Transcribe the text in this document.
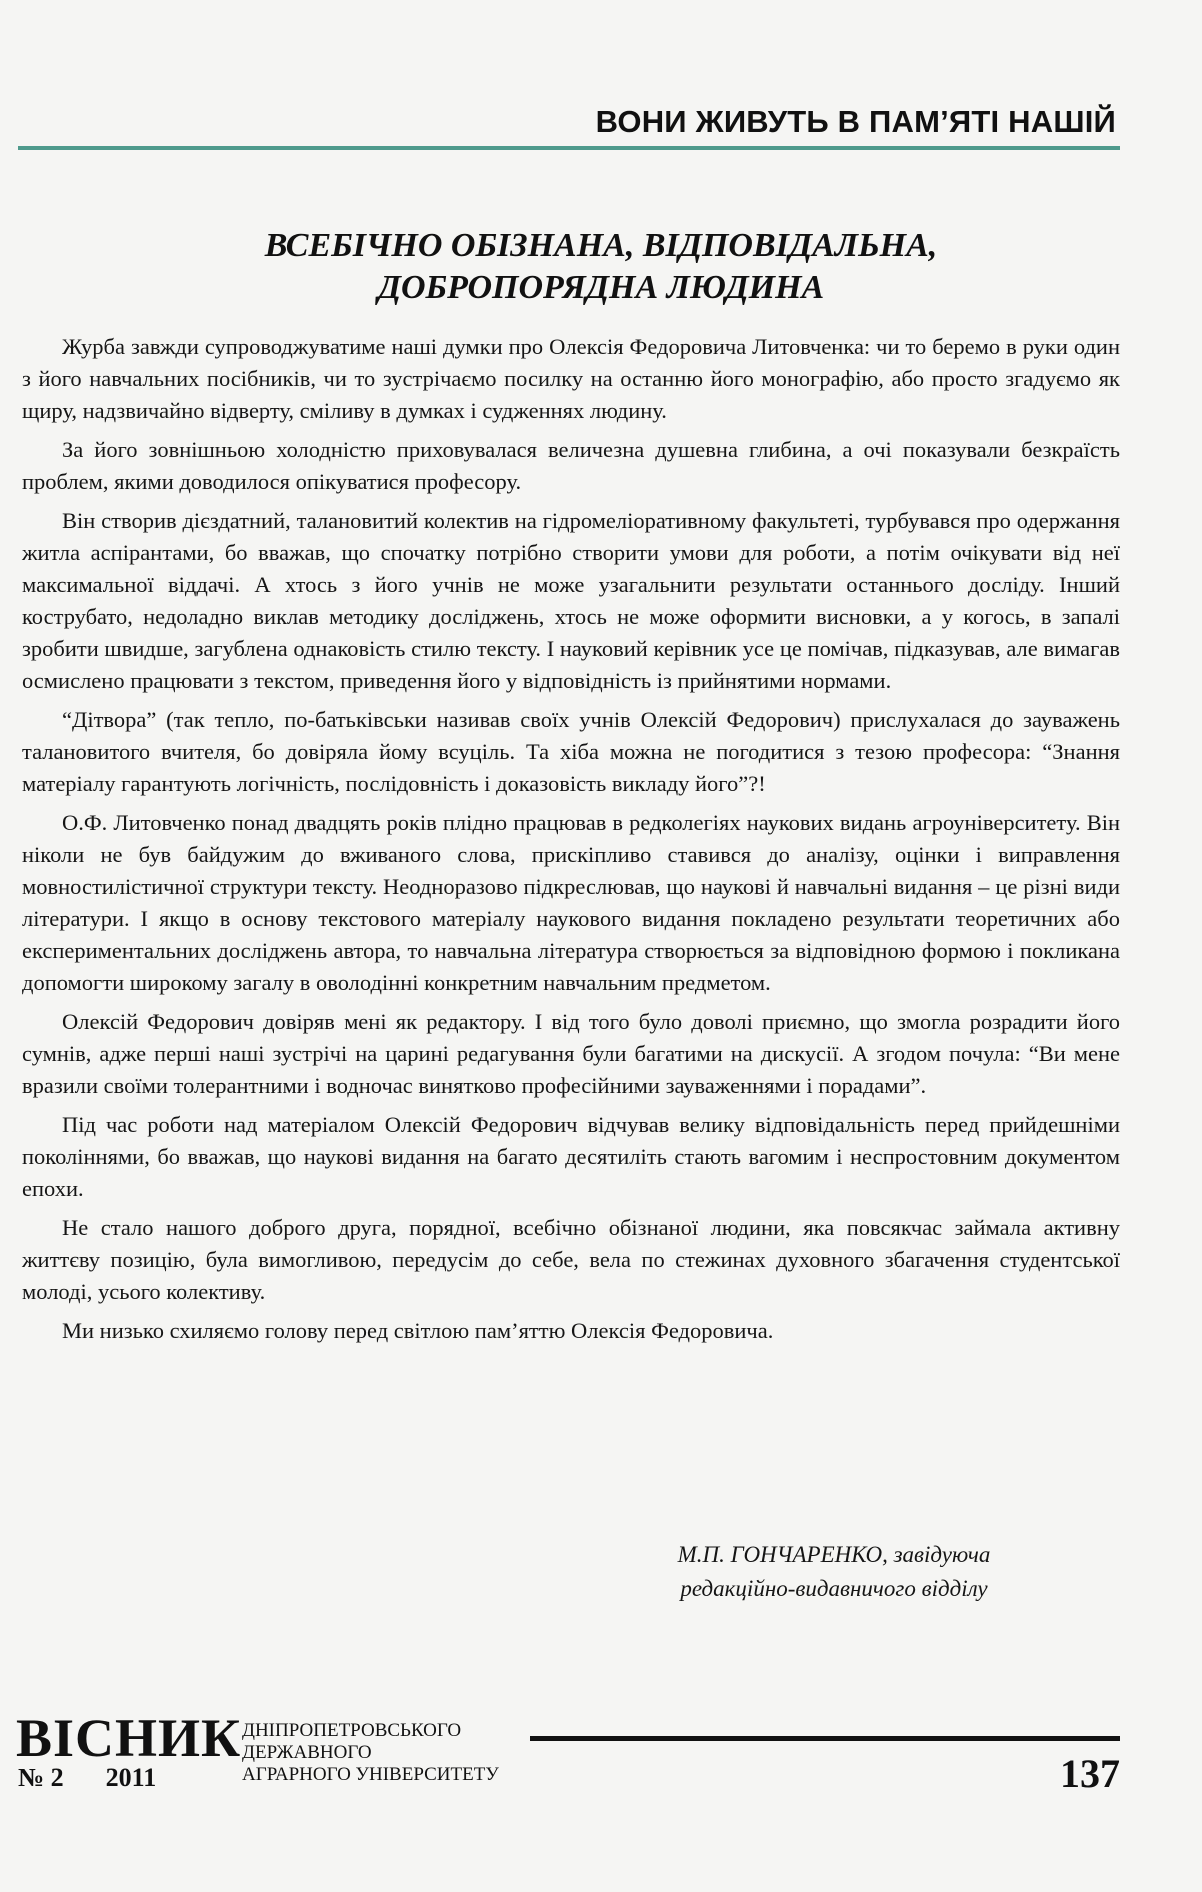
ВОНИ ЖИВУТЬ В ПАМ’ЯТІ НАШІЙ
ВСЕБІЧНО ОБІЗНАНА, ВІДПОВІДАЛЬНА,
ДОБРОПОРЯДНА ЛЮДИНА

Журба завжди супроводжуватиме наші думки про Олексія Федоровича Литовченка: чи то беремо в руки один з його навчальних посібників, чи то зустрічаємо посилку на останню його монографію, або просто згадуємо як щиру, надзвичайно відверту, сміливу в думках і судженнях людину.

За його зовнішньою холодністю приховувалася величезна душевна глибина, а очі показували безкраїсть проблем, якими доводилося опікуватися професору.

Він створив дієздатний, талановитий колектив на гідромеліоративному факультеті, турбувався про одержання житла аспірантами, бо вважав, що спочатку потрібно створити умови для роботи, а потім очікувати від неї максимальної віддачі. А хтось з його учнів не може узагальнити результати останнього досліду. Інший кострубато, недоладно виклав методику досліджень, хтось не може оформити висновки, а у когось, в запалі зробити швидше, загублена однаковість стилю тексту. І науковий керівник усе це помічав, підказував, але вимагав осмислено працювати з текстом, приведення його у відповідність із прийнятими нормами.

“Дітвора” (так тепло, по-батьківськи називав своїх учнів Олексій Федорович) прислухалася до зауважень талановитого вчителя, бо довіряла йому всуціль. Та хіба можна не погодитися з тезою професора: “Знання матеріалу гарантують логічність, послідовність і доказовість викладу його”?!

О.Ф. Литовченко понад двадцять років плідно працював в редколегіях наукових видань агроуніверситету. Він ніколи не був байдужим до вживаного слова, прискіпливо ставився до аналізу, оцінки і виправлення мовностилістичної структури тексту. Неодноразово підкреслював, що наукові й навчальні видання – це різні види літератури. І якщо в основу текстового матеріалу наукового видання покладено результати теоретичних або експериментальних досліджень автора, то навчальна література створюється за відповідною формою і покликана допомогти широкому загалу в оволодінні конкретним навчальним предметом.

Олексій Федорович довіряв мені як редактору. І від того було доволі приємно, що змогла розрадити його сумнів, адже перші наші зустрічі на царині редагування були багатими на дискусії. А згодом почула: “Ви мене вразили своїми толерантними і водночас винятково професійними зауваженнями і порадами”.

Під час роботи над матеріалом Олексій Федорович відчував велику відповідальність перед прийдешніми поколіннями, бо вважав, що наукові видання на багато десятиліть стають вагомим і неспростовним документом епохи.

Не стало нашого доброго друга, порядної, всебічно обізнаної людини, яка повсякчас займала активну життєву позицію, була вимогливою, передусім до себе, вела по стежинах духовного збагачення студентської молоді, усього колективу.

Ми низько схиляємо голову перед світлою пам’яттю Олексія Федоровича.

М.П. ГОНЧАРЕНКО, завідуюча
редакційно-видавничого відділу
ВІСНИК
№ 2 2011
ДНІПРОПЕТРОВСЬКОГО
ДЕРЖАВНОГО
АГРАРНОГО УНІВЕРСИТЕТУ	137
